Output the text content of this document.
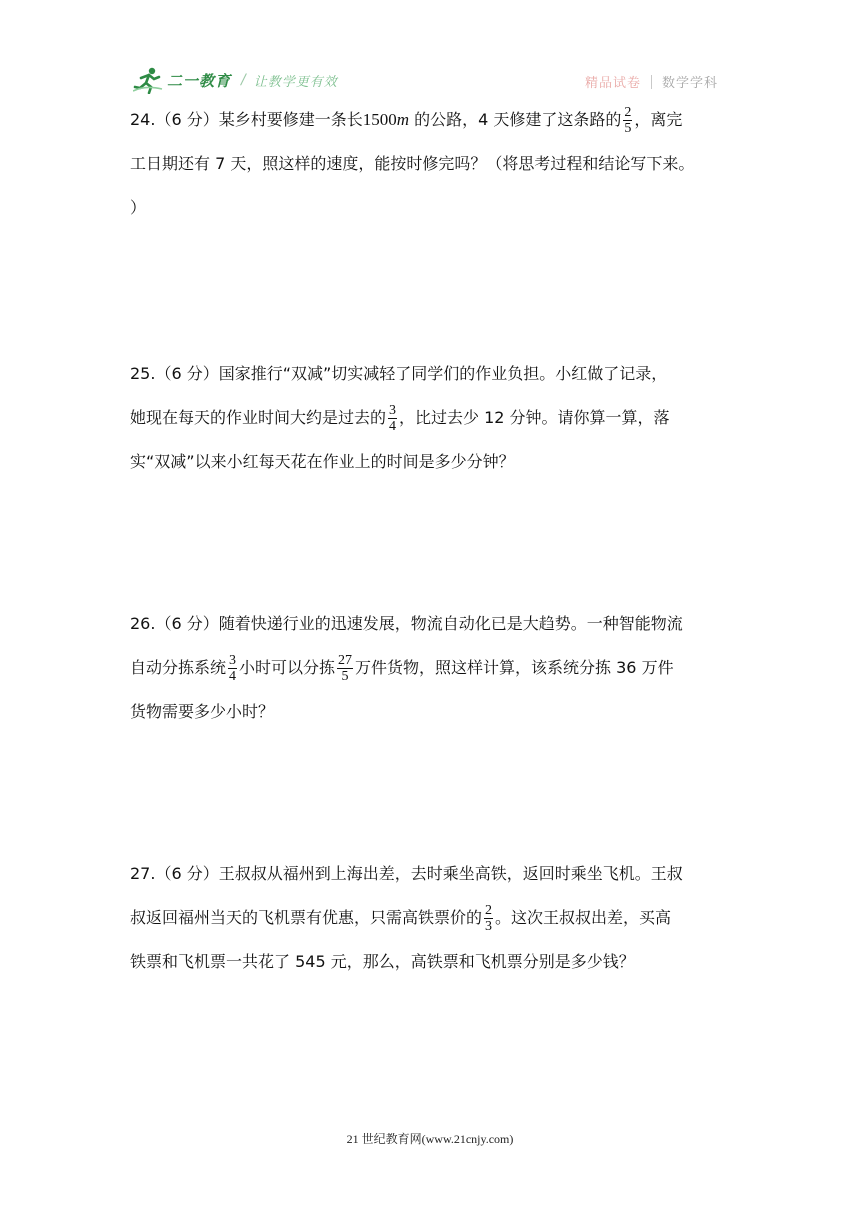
二一教育 / 让教学更有效	精品试卷 数学学科
24.（6 分）某乡村要修建一条长1500m 的公路，4 天修建了这条路的 $\frac{2}{5}$ ，离完
工日期还有 7 天，照这样的速度，能按时修完吗？（将思考过程和结论写下来。
）
25.（6 分）国家推行“双减”切实减轻了同学们的作业负担。小红做了记录，
她现在每天的作业时间大约是过去的 $\frac{3}{4}$ ，比过去少 12 分钟。请你算一算，落
实“双减”以来小红每天花在作业上的时间是多少分钟？
26.（6 分）随着快递行业的迅速发展，物流自动化已是大趋势。一种智能物流
自动分拣系统 $\frac{3}{4}$ 小时可以分拣 $\frac{27}{5}$ 万件货物，照这样计算，该系统分拣 36 万件
货物需要多少小时？
27.（6 分）王叔叔从福州到上海出差，去时乘坐高铁，返回时乘坐飞机。王叔
叔返回福州当天的飞机票有优惠，只需高铁票价的 $\frac{2}{3}$ 。这次王叔叔出差，买高
铁票和飞机票一共花了 545 元，那么，高铁票和飞机票分别是多少钱？
21 世纪教育网(www.21cnjy.com)
